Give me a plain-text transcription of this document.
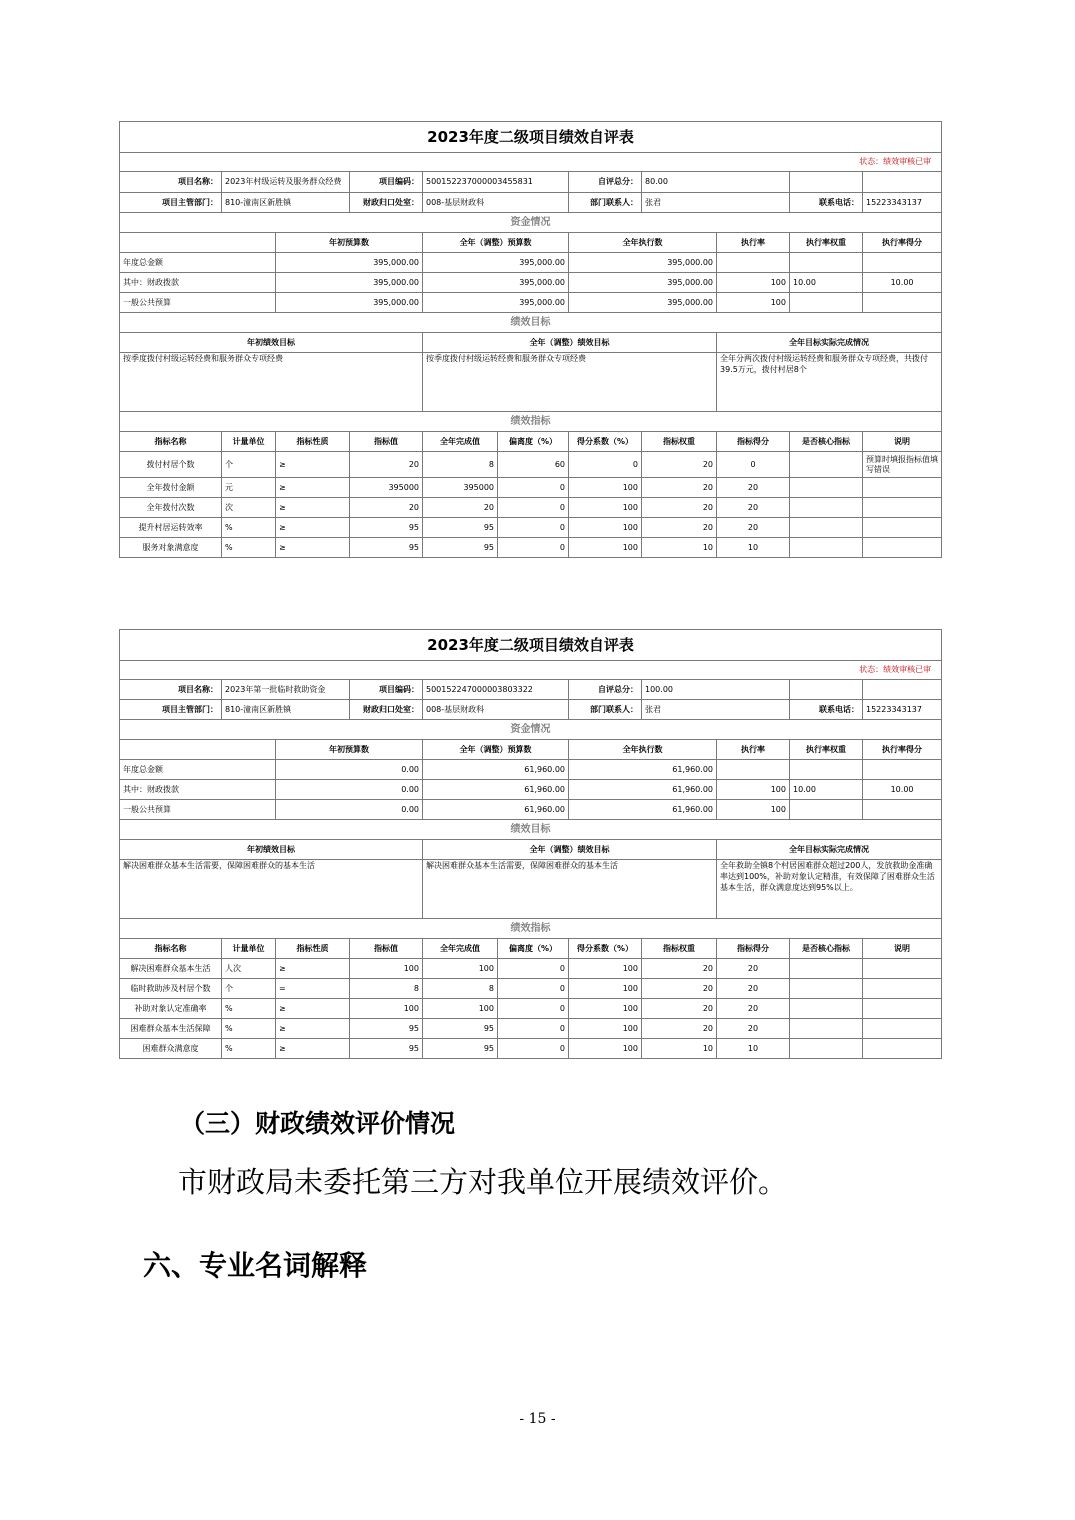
2023年度二级项目绩效自评表										
状态：绩效审核已审										
项目名称：	2023年村级运转及服务群众经费		项目编码：	500152237000003455831		自评总分：	80.00			
项目主管部门：	810-潼南区新胜镇		财政归口处室：	008-基层财政科		部门联系人：	张君		联系电话：	15223343137
资金情况										
		年初预算数		全年（调整）预算数		全年执行数		执行率	执行率权重	执行率得分
年度总金额		395,000.00		395,000.00		395,000.00				
其中：财政拨款		395,000.00		395,000.00		395,000.00		100	10.00	10.00
一般公共预算		395,000.00		395,000.00		395,000.00		100		
绩效目标										
年初绩效目标				全年（调整）绩效目标				全年目标实际完成情况		
按季度拨付村级运转经费和服务群众专项经费				按季度拨付村级运转经费和服务群众专项经费				全年分两次拨付村级运转经费和服务群众专项经费，共拨付39.5万元，拨付村居8个		
绩效指标										
指标名称	计量单位	指标性质	指标值	全年完成值	偏离度（%）	得分系数（%）	指标权重	指标得分	是否核心指标	说明
拨付村居个数	个	≥	20	8	60	0	20	0		预算时填报指标值填写错误
全年拨付金额	元	≥	395000	395000	0	100	20	20		
全年拨付次数	次	≥	20	20	0	100	20	20		
提升村居运转效率	%	≥	95	95	0	100	20	20		
服务对象满意度	%	≥	95	95	0	100	10	10		
2023年度二级项目绩效自评表										
状态：绩效审核已审										
项目名称：	2023年第一批临时救助资金		项目编码：	500152247000003803322		自评总分：	100.00			
项目主管部门：	810-潼南区新胜镇		财政归口处室：	008-基层财政科		部门联系人：	张君		联系电话：	15223343137
资金情况										
		年初预算数		全年（调整）预算数		全年执行数		执行率	执行率权重	执行率得分
年度总金额		0.00		61,960.00		61,960.00				
其中：财政拨款		0.00		61,960.00		61,960.00		100	10.00	10.00
一般公共预算		0.00		61,960.00		61,960.00		100		
绩效目标										
年初绩效目标				全年（调整）绩效目标				全年目标实际完成情况		
解决困难群众基本生活需要，保障困难群众的基本生活				解决困难群众基本生活需要，保障困难群众的基本生活				全年救助全镇8个村居困难群众超过200人，发放救助金准确率达到100%，补助对象认定精准，有效保障了困难群众生活基本生活，群众满意度达到95%以上。		
绩效指标										
指标名称	计量单位	指标性质	指标值	全年完成值	偏离度（%）	得分系数（%）	指标权重	指标得分	是否核心指标	说明
解决困难群众基本生活	人次	≥	100	100	0	100	20	20		
临时救助涉及村居个数	个	=	8	8	0	100	20	20		
补助对象认定准确率	%	≥	100	100	0	100	20	20		
困难群众基本生活保障	%	≥	95	95	0	100	20	20		
困难群众满意度	%	≥	95	95	0	100	10	10		
（三）财政绩效评价情况
市财政局未委托第三方对我单位开展绩效评价。
六、专业名词解释
- 15 -
